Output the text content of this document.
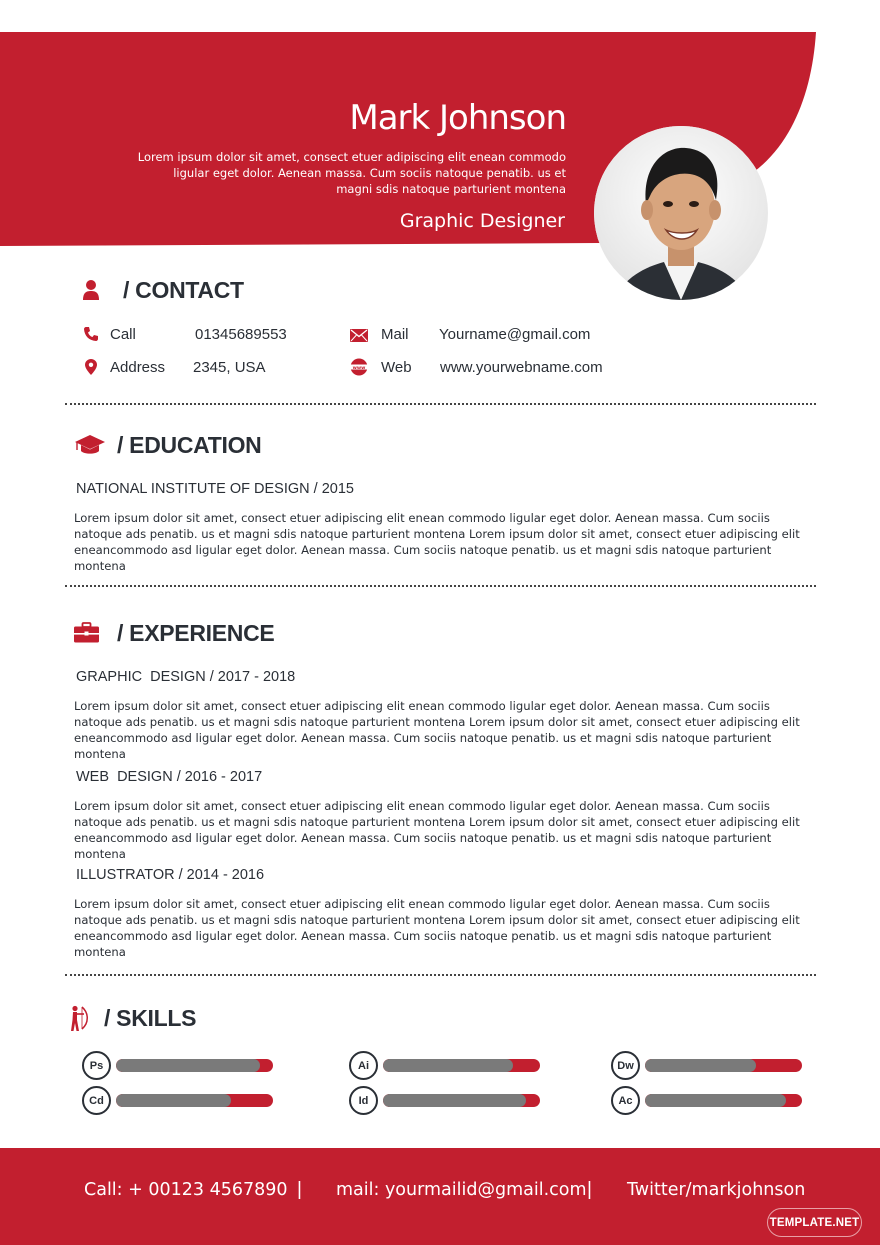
Mark Johnson
Lorem ipsum dolor sit amet, consect etuer adipiscing elit enean commodo ligular eget dolor. Aenean massa. Cum sociis natoque penatib. us et magni sdis natoque parturient montena
Graphic Designer
/ CONTACT
Call	01345689553	Mail Yourname@gmail.com
Address 2345, USA	www Web www.yourwebname.com
/ EDUCATION
NATIONAL INSTITUTE OF DESIGN / 2015
Lorem ipsum dolor sit amet, consect etuer adipiscing elit enean commodo ligular eget dolor. Aenean massa. Cum sociis natoque ads penatib. us et magni sdis natoque parturient montena Lorem ipsum dolor sit amet, consect etuer adipiscing elit eneancommodo asd ligular eget dolor. Aenean massa. Cum sociis natoque penatib. us et magni sdis natoque parturient montena
/ EXPERIENCE
GRAPHIC  DESIGN / 2017 - 2018
Lorem ipsum dolor sit amet, consect etuer adipiscing elit enean commodo ligular eget dolor. Aenean massa. Cum sociis natoque ads penatib. us et magni sdis natoque parturient montena Lorem ipsum dolor sit amet, consect etuer adipiscing elit eneancommodo asd ligular eget dolor. Aenean massa. Cum sociis natoque penatib. us et magni sdis natoque parturient montena
WEB  DESIGN / 2016 - 2017
Lorem ipsum dolor sit amet, consect etuer adipiscing elit enean commodo ligular eget dolor. Aenean massa. Cum sociis natoque ads penatib. us et magni sdis natoque parturient montena Lorem ipsum dolor sit amet, consect etuer adipiscing elit eneancommodo asd ligular eget dolor. Aenean massa. Cum sociis natoque penatib. us et magni sdis natoque parturient montena
ILLUSTRATOR / 2014 - 2016
Lorem ipsum dolor sit amet, consect etuer adipiscing elit enean commodo ligular eget dolor. Aenean massa. Cum sociis natoque ads penatib. us et magni sdis natoque parturient montena Lorem ipsum dolor sit amet, consect etuer adipiscing elit eneancommodo asd ligular eget dolor. Aenean massa. Cum sociis natoque penatib. us et magni sdis natoque parturient montena
/ SKILLS
Ps	Ai	Dw
Cd	Id	Ac
Call: + 00123 4567890 | mail: yourmailid@gmail.com | Twitter/markjohnson
TEMPLATE.NET
